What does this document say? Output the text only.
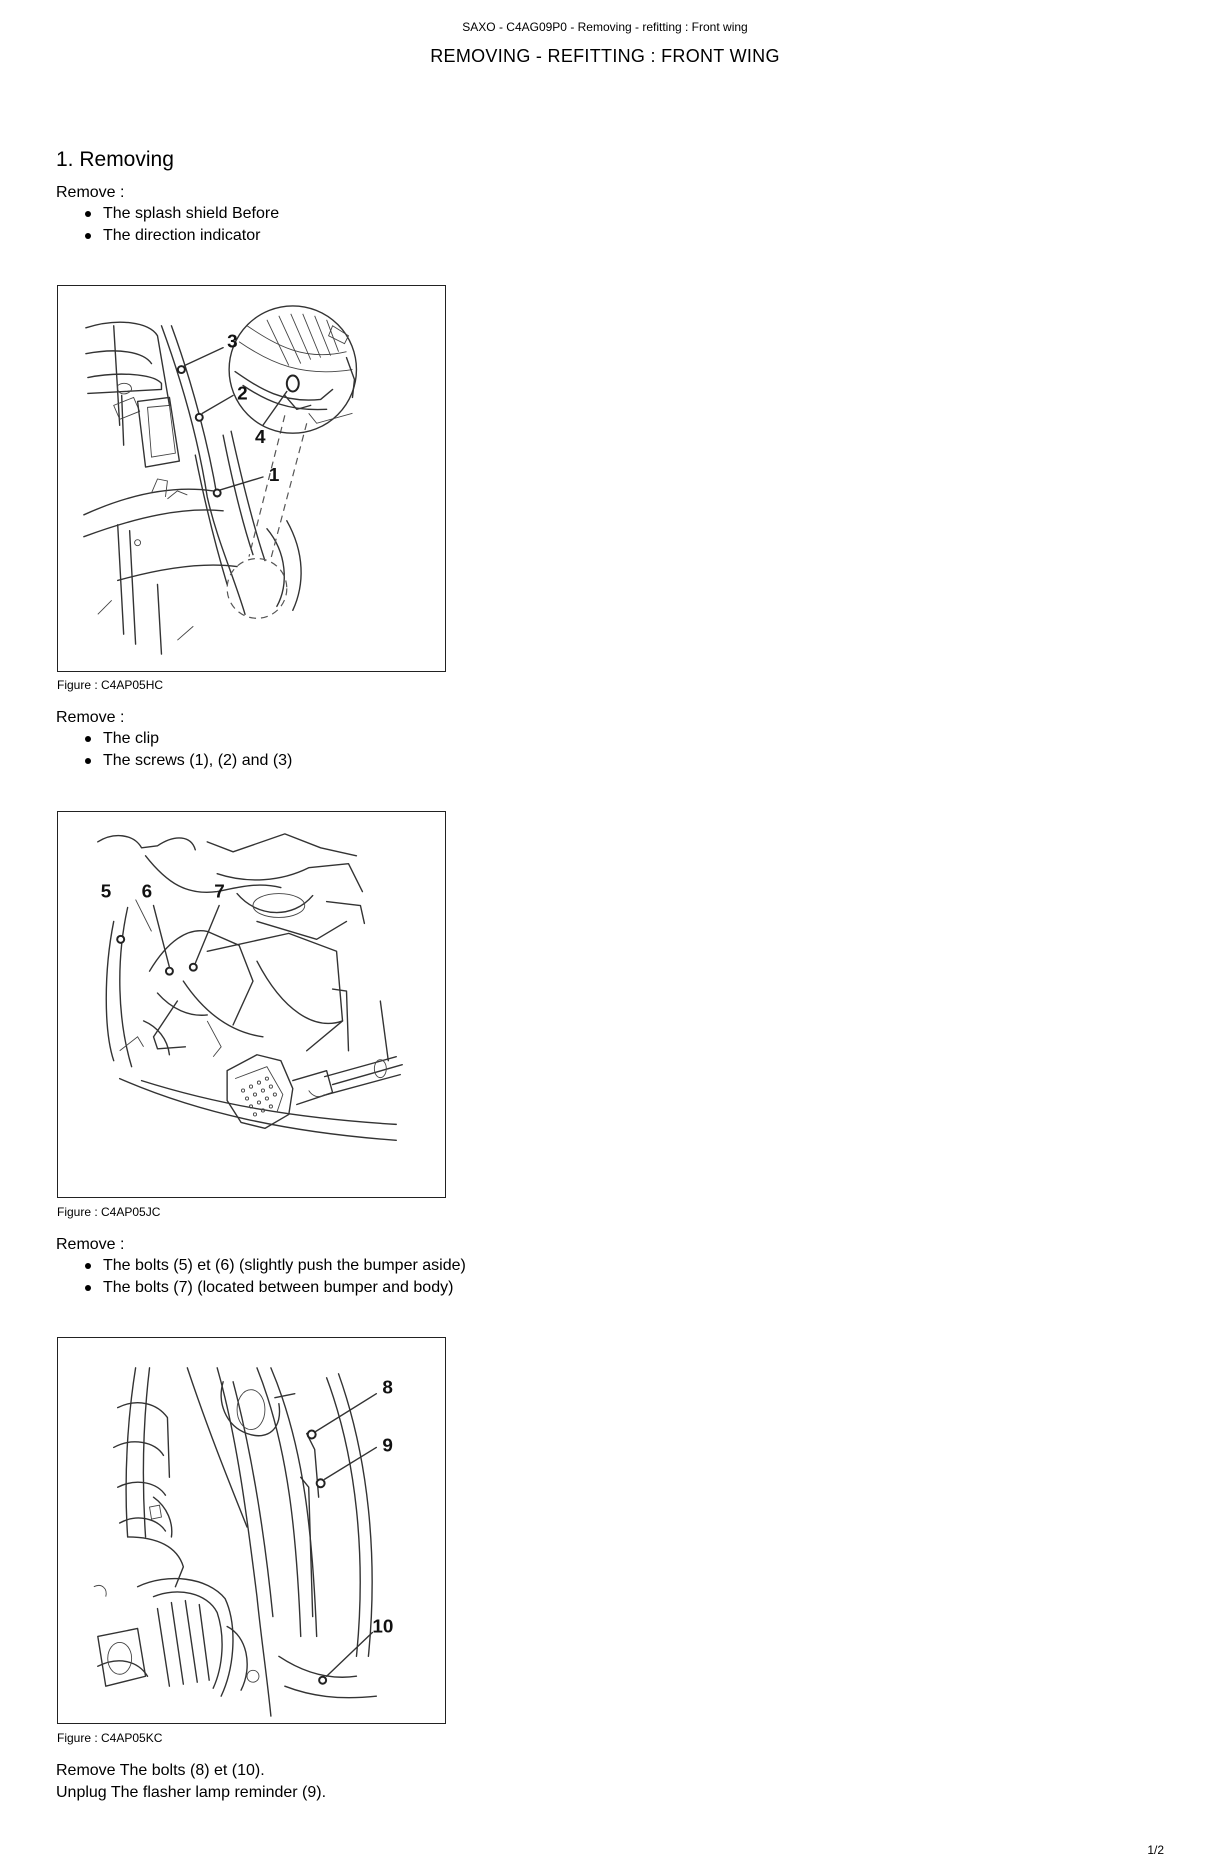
SAXO - C4AG09P0 - Removing - refitting : Front wing
REMOVING - REFITTING : FRONT WING
1. Removing
Remove :
The splash shield Before
The direction indicator
3
2
4
1
Figure : C4AP05HC
Remove :
The clip
The screws (1), (2) and (3)
5 6	7
Figure : C4AP05JC
Remove :
The bolts (5) et (6) (slightly push the bumper aside)
The bolts (7) (located between bumper and body)
8
9
10
Figure : C4AP05KC
Remove The bolts (8) et (10).
Unplug The flasher lamp reminder (9).
1/2
